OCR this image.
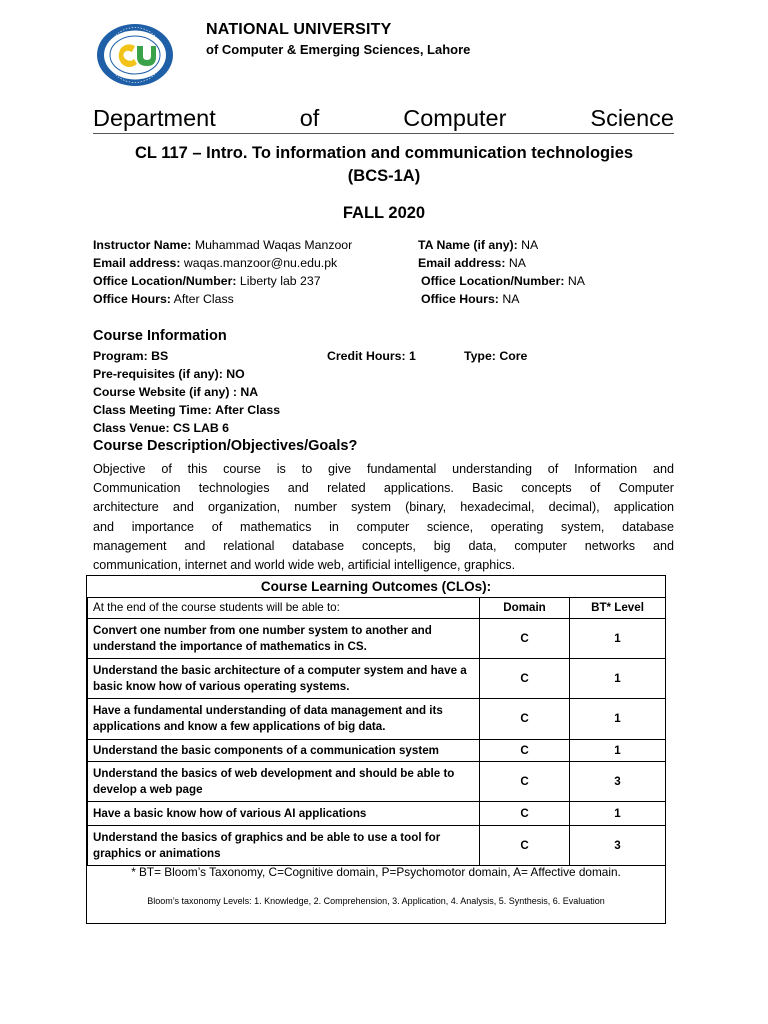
NATIONAL UNIVERSITY
of Computer & Emerging Sciences, Lahore
Department	of	Computer	Science
CL 117 – Intro. To information and communication technologies
(BCS-1A)
FALL 2020
Instructor Name: Muhammad Waqas Manzoor
Email address: waqas.manzoor@nu.edu.pk
Office Location/Number: Liberty lab 237
Office Hours: After Class
TA Name (if any): NA
Email address: NA
Office Location/Number: NA
Office Hours: NA
Course Information
Program: BS	Credit Hours: 1	Type: Core
Pre-requisites (if any): NO
Course Website (if any) : NA
Class Meeting Time: After Class
Class Venue: CS LAB 6
Course Description/Objectives/Goals?
Objective of this course is to give fundamental understanding of Information and
Communication technologies and related applications. Basic concepts of Computer
architecture and organization, number system (binary, hexadecimal, decimal), application
and importance of mathematics in computer science, operating system, database
management and relational database concepts, big data, computer networks and
communication, internet and world wide web, artificial intelligence, graphics.
Course Learning Outcomes (CLOs):
At the end of the course students will be able to:	Domain	BT* Level
Convert one number from one number system to another and understand the importance of mathematics in CS.	C	1
Understand the basic architecture of a computer system and have a basic know how of various operating systems.	C	1
Have a fundamental understanding of data management and its applications and know a few applications of big data.	C	1
Understand the basic components of a communication system	C	1
Understand the basics of web development and should be able to develop a web page	C	3
Have a basic know how of various AI applications	C	1
Understand the basics of graphics and be able to use a tool for graphics or animations	C	3
* BT= Bloom’s Taxonomy, C=Cognitive domain, P=Psychomotor domain, A= Affective domain.
Bloom’s taxonomy Levels: 1. Knowledge, 2. Comprehension, 3. Application, 4. Analysis, 5. Synthesis, 6. Evaluation
